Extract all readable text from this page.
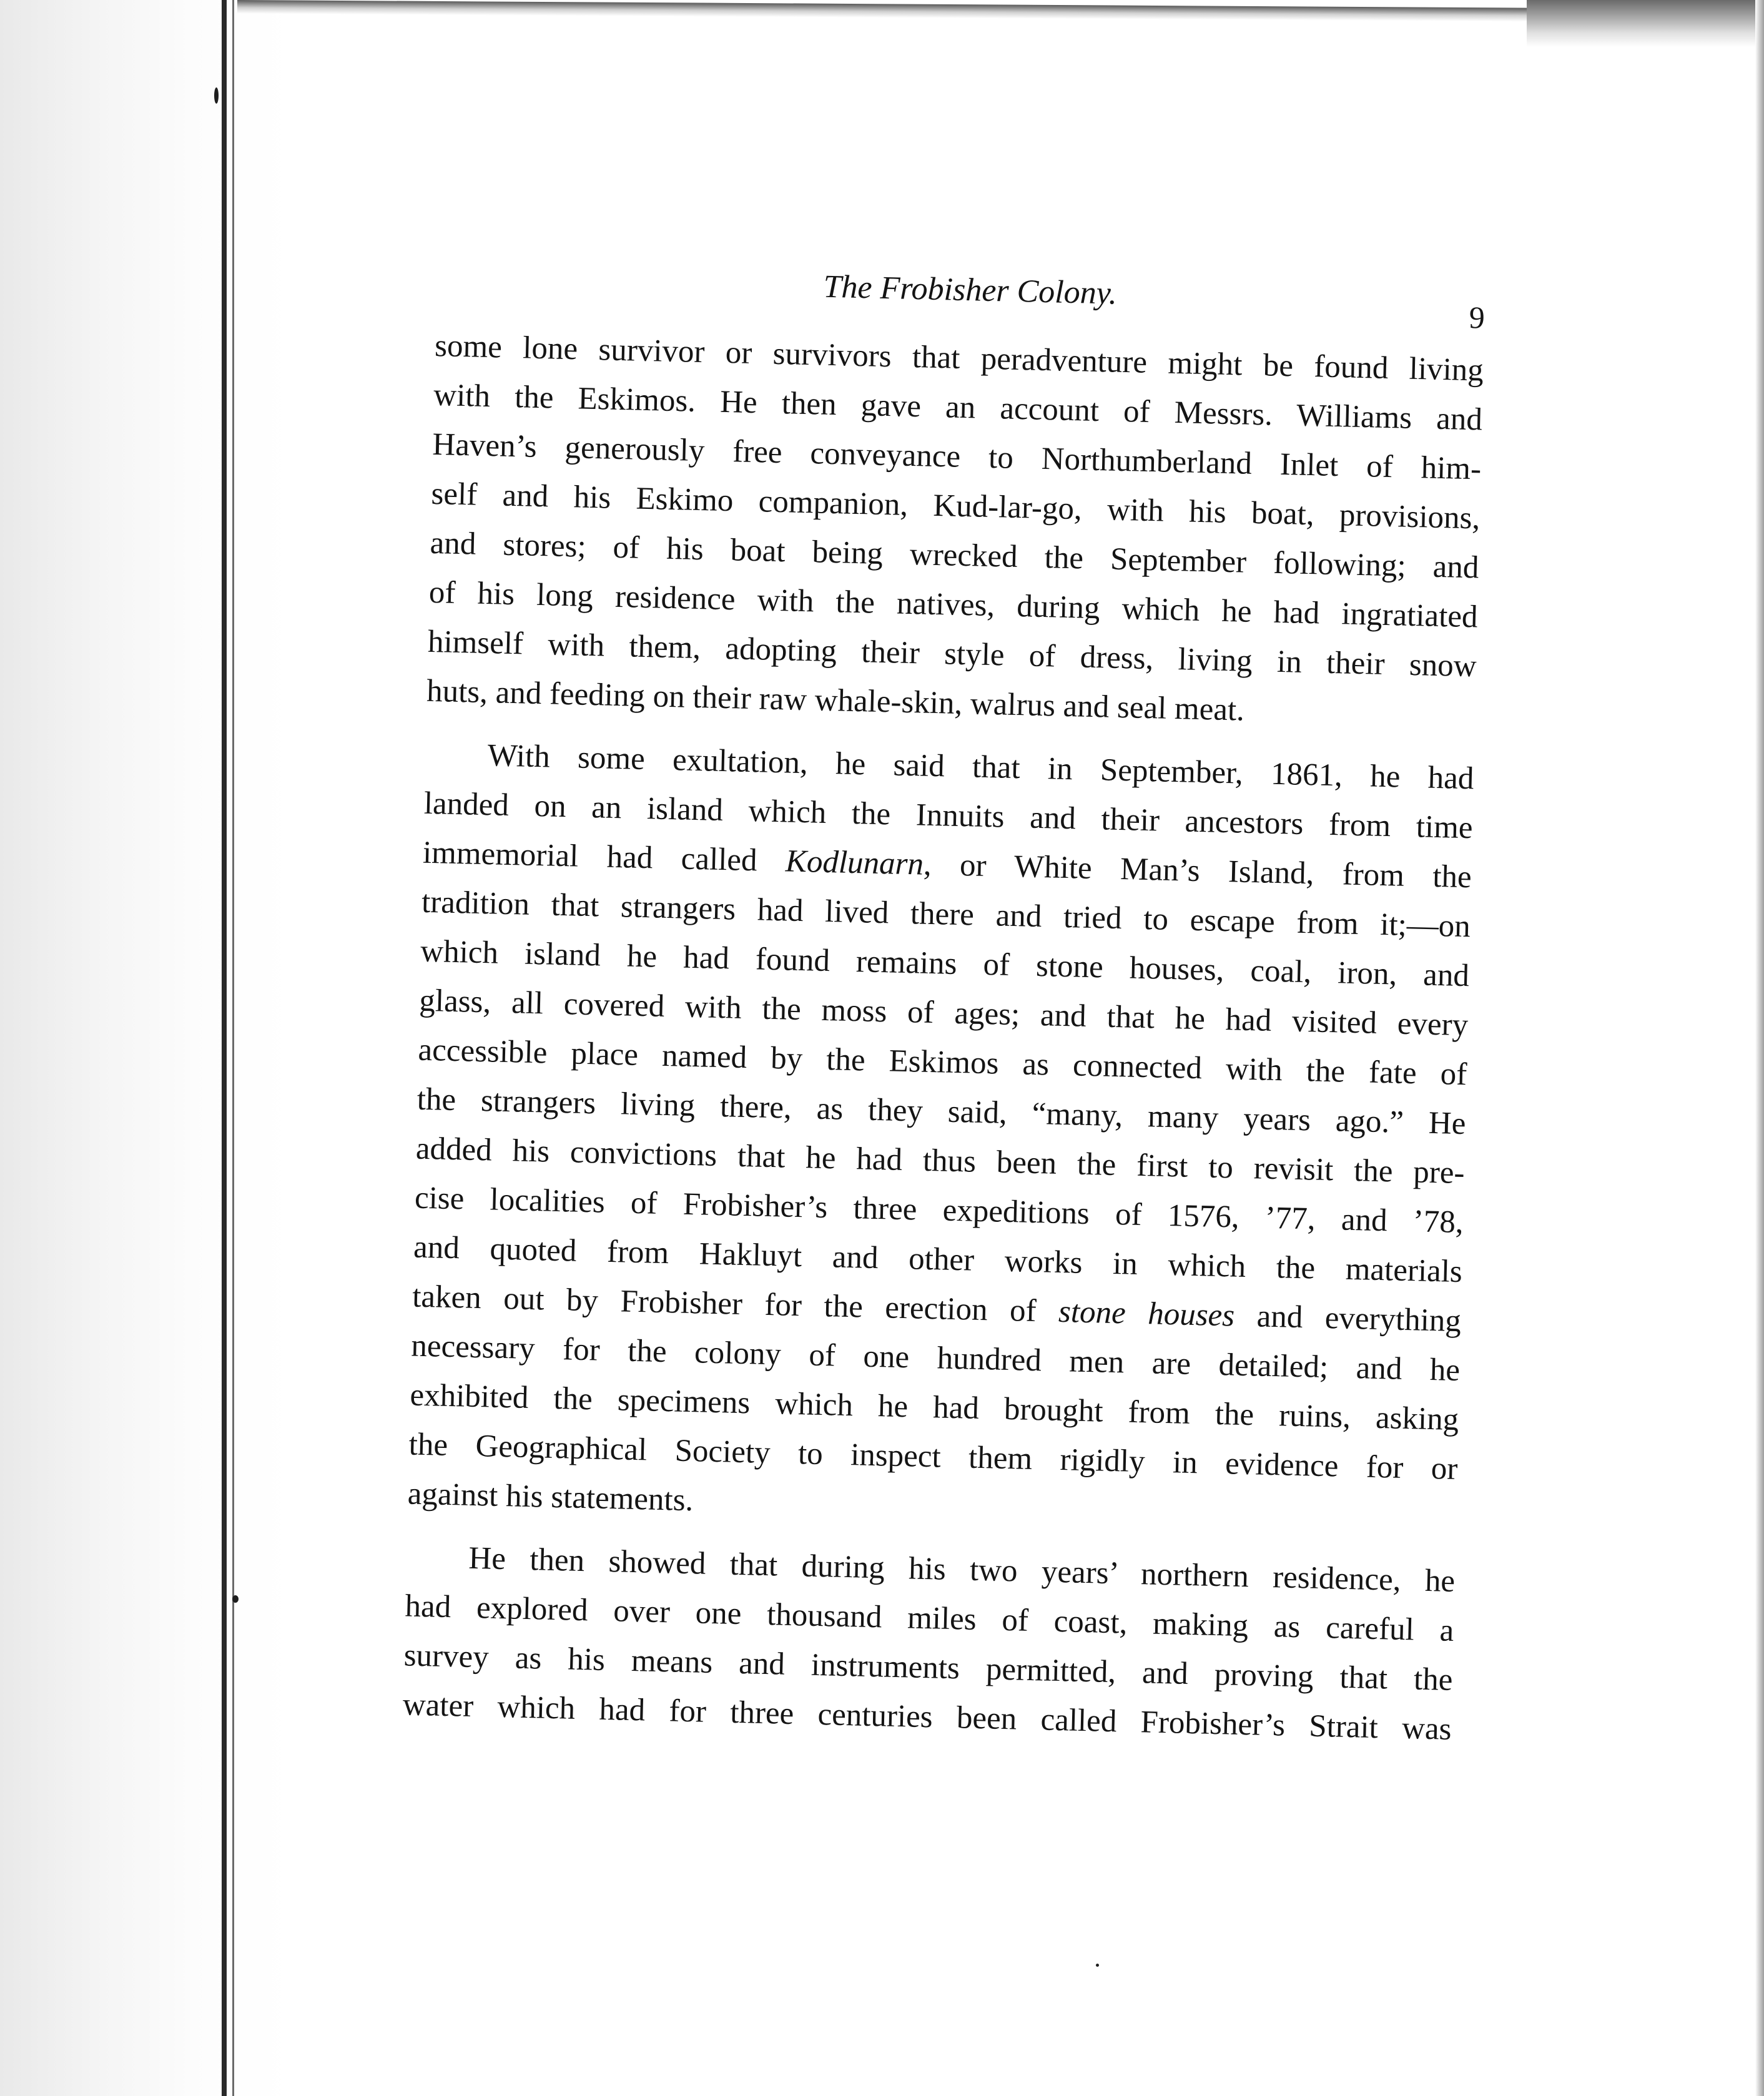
The Frobisher Colony.
9
some lone survivor or survivors that peradventure might be found living
with the Eskimos. He then gave an account of Messrs. Williams and
Haven’s generously free conveyance to Northumberland Inlet of him-
self and his Eskimo companion, Kud-lar-go, with his boat, provisions,
and stores; of his boat being wrecked the September following; and
of his long residence with the natives, during which he had ingratiated
himself with them, adopting their style of dress, living in their snow
huts, and feeding on their raw whale-skin, walrus and seal meat.
With some exultation, he said that in September, 1861, he had
landed on an island which the Innuits and their ancestors from time
immemorial had called Kodlunarn, or White Man’s Island, from the
tradition that strangers had lived there and tried to escape from it;—on
which island he had found remains of stone houses, coal, iron, and
glass, all covered with the moss of ages; and that he had visited every
accessible place named by the Eskimos as connected with the fate of
the strangers living there, as they said, “many, many years ago.” He
added his convictions that he had thus been the first to revisit the pre-
cise localities of Frobisher’s three expeditions of 1576, ’77, and ’78,
and quoted from Hakluyt and other works in which the materials
taken out by Frobisher for the erection of stone houses and everything
necessary for the colony of one hundred men are detailed; and he
exhibited the specimens which he had brought from the ruins, asking
the Geographical Society to inspect them rigidly in evidence for or
against his statements.
He then showed that during his two years’ northern residence, he
had explored over one thousand miles of coast, making as careful a
survey as his means and instruments permitted, and proving that the
water which had for three centuries been called Frobisher’s Strait was
